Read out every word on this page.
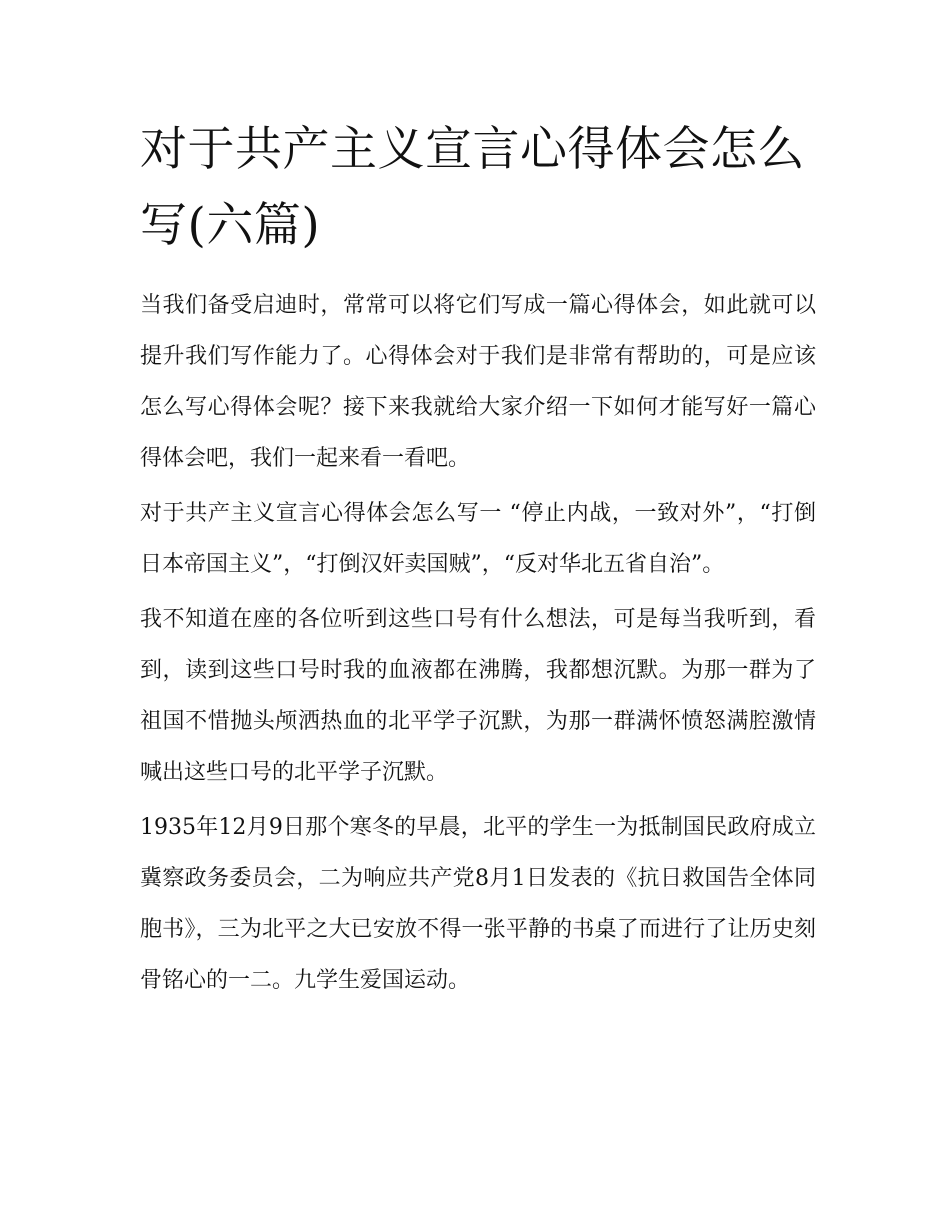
对于共产主义宣言心得体会怎么写(六篇)

当我们备受启迪时，常常可以将它们写成一篇心得体会，如此就可以提升我们写作能力了。心得体会对于我们是非常有帮助的，可是应该怎么写心得体会呢？接下来我就给大家介绍一下如何才能写好一篇心得体会吧，我们一起来看一看吧。

对于共产主义宣言心得体会怎么写一 “停止内战，一致对外”，“打倒日本帝国主义”，“打倒汉奸卖国贼”，“反对华北五省自治”。

我不知道在座的各位听到这些口号有什么想法，可是每当我听到，看到，读到这些口号时我的血液都在沸腾，我都想沉默。为那一群为了祖国不惜抛头颅洒热血的北平学子沉默，为那一群满怀愤怒满腔激情喊出这些口号的北平学子沉默。

1935年12月9日那个寒冬的早晨，北平的学生一为抵制国民政府成立冀察政务委员会，二为响应共产党8月1日发表的《抗日救国告全体同胞书》，三为北平之大已安放不得一张平静的书桌了而进行了让历史刻骨铭心的一二。九学生爱国运动。
